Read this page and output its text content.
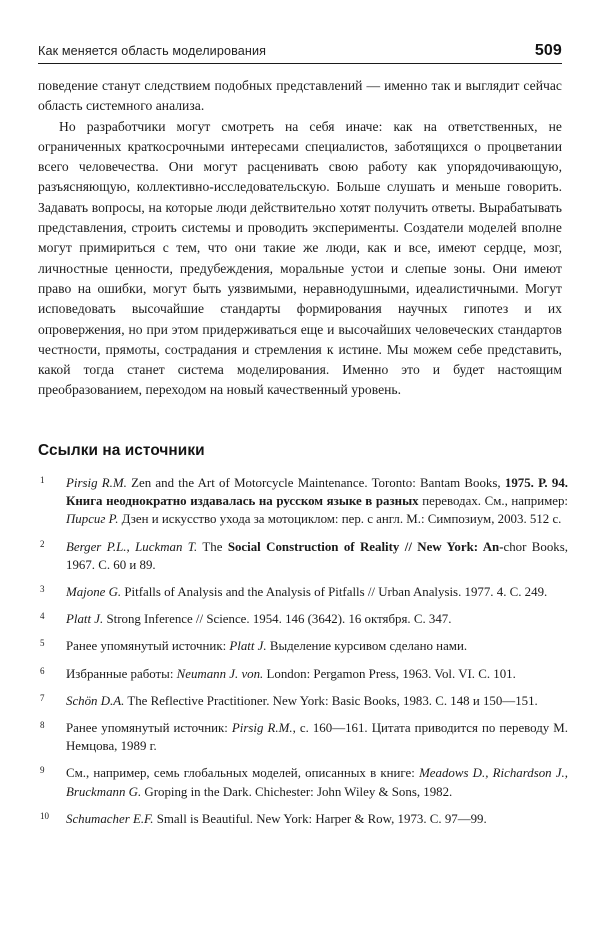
Как меняется область моделирования	509

поведение станут следствием подобных представлений — именно так и выглядит сейчас область системного анализа.

Но разработчики могут смотреть на себя иначе: как на ответственных, не ограниченных краткосрочными интересами специалистов, заботящихся о процветании всего человечества. Они могут расценивать свою работу как упорядочивающую, разъясняющую, коллективно-исследовательскую. Больше слушать и меньше говорить. Задавать вопросы, на которые люди действительно хотят получить ответы. Вырабатывать представления, строить системы и проводить эксперименты. Создатели моделей вполне могут примириться с тем, что они такие же люди, как и все, имеют сердце, мозг, личностные ценности, предубеждения, моральные устои и слепые зоны. Они имеют право на ошибки, могут быть уязвимыми, неравнодушными, идеалистичными. Могут исповедовать высочайшие стандарты формирования научных гипотез и их опровержения, но при этом придерживаться еще и высочайших человеческих стандартов честности, прямоты, сострадания и стремления к истине. Мы можем себе представить, какой тогда станет система моделирования. Именно это и будет настоящим преобразованием, переходом на новый качественный уровень.

Ссылки на источники
1	Pirsig R.M. Zen and the Art of Motorcycle Maintenance. Toronto: Bantam Books, 1975. Р. 94. Книга неоднократно издавалась на русском языке в разных переводах. См., например: Пирсиг Р. Дзен и искусство ухода за мотоциклом: пер. с англ. М.: Симпозиум, 2003. 512 с.
2	Berger P.L., Luckman T. The Social Construction of Reality // New York: An-chor Books, 1967. С. 60 и 89.
3	Majone G. Pitfalls of Analysis and the Analysis of Pitfalls // Urban Analysis. 1977. 4. С. 249.
4	Platt J. Strong Inference // Science. 1954. 146 (3642). 16 октября. С. 347.
5	Ранее упомянутый источник: Platt J. Выделение курсивом сделано нами.
6	Избранные работы: Neumann J. von. London: Pergamon Press, 1963. Vol. VI. С. 101.
7	Schön D.A. The Reflective Practitioner. New York: Basic Books, 1983. С. 148 и 150—151.
8	Ранее упомянутый источник: Pirsig R.M., с. 160—161. Цитата приводится по переводу М. Немцова, 1989 г.
9	См., например, семь глобальных моделей, описанных в книге: Meadows D., Richardson J., Bruckmann G. Groping in the Dark. Chichester: John Wiley & Sons, 1982.
10	Schumacher E.F. Small is Beautiful. New York: Harper & Row, 1973. С. 97—99.
